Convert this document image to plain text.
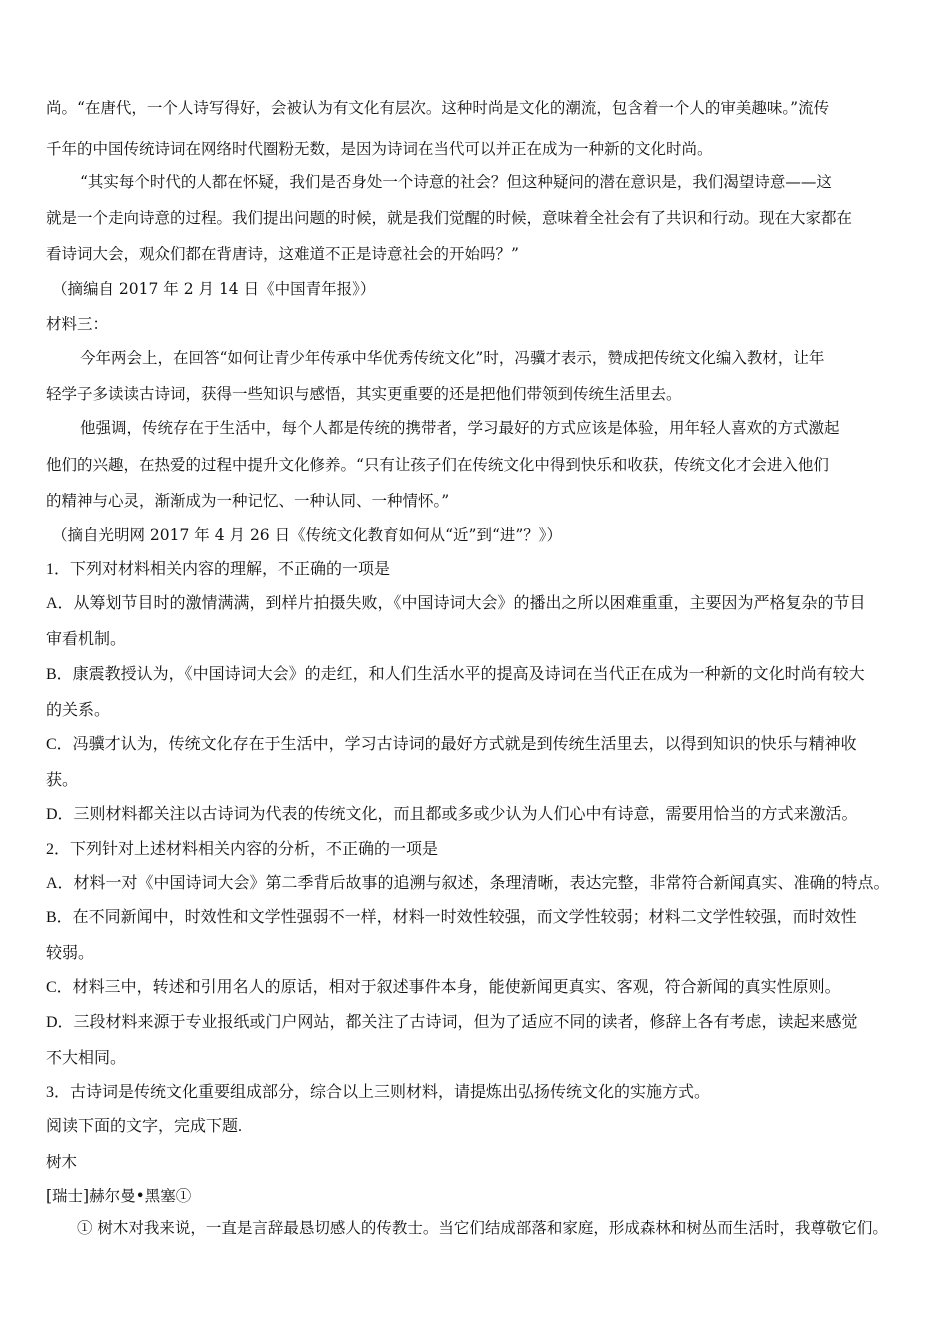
尚。“在唐代，一个人诗写得好，会被认为有文化有层次。这种时尚是文化的潮流，包含着一个人的审美趣味。”流传
千年的中国传统诗词在网络时代圈粉无数，是因为诗词在当代可以并正在成为一种新的文化时尚。
“其实每个时代的人都在怀疑，我们是否身处一个诗意的社会？但这种疑问的潜在意识是，我们渴望诗意——这
就是一个走向诗意的过程。我们提出问题的时候，就是我们觉醒的时候，意味着全社会有了共识和行动。现在大家都在
看诗词大会，观众们都在背唐诗，这难道不正是诗意社会的开始吗？”
（摘编自 2017 年 2 月 14 日《中国青年报》）
材料三：
今年两会上，在回答“如何让青少年传承中华优秀传统文化”时，冯骥才表示，赞成把传统文化编入教材，让年
轻学子多读读古诗词，获得一些知识与感悟，其实更重要的还是把他们带领到传统生活里去。
他强调，传统存在于生活中，每个人都是传统的携带者，学习最好的方式应该是体验，用年轻人喜欢的方式激起
他们的兴趣，在热爱的过程中提升文化修养。“只有让孩子们在传统文化中得到快乐和收获，传统文化才会进入他们
的精神与心灵，渐渐成为一种记忆、一种认同、一种情怀。”
（摘自光明网 2017 年 4 月 26 日《传统文化教育如何从“近”到“进”？》）
1．下列对材料相关内容的理解，不正确的一项是
A．从筹划节目时的激情满满，到样片拍摄失败，《中国诗词大会》的播出之所以困难重重，主要因为严格复杂的节目
审看机制。
B．康震教授认为，《中国诗词大会》的走红，和人们生活水平的提高及诗词在当代正在成为一种新的文化时尚有较大
的关系。
C．冯骥才认为，传统文化存在于生活中，学习古诗词的最好方式就是到传统生活里去，以得到知识的快乐与精神收
获。
D．三则材料都关注以古诗词为代表的传统文化，而且都或多或少认为人们心中有诗意，需要用恰当的方式来激活。
2．下列针对上述材料相关内容的分析，不正确的一项是
A．材料一对《中国诗词大会》第二季背后故事的追溯与叙述，条理清晰，表达完整，非常符合新闻真实、准确的特点。
B．在不同新闻中，时效性和文学性强弱不一样，材料一时效性较强，而文学性较弱；材料二文学性较强，而时效性
较弱。
C．材料三中，转述和引用名人的原话，相对于叙述事件本身，能使新闻更真实、客观，符合新闻的真实性原则。
D．三段材料来源于专业报纸或门户网站，都关注了古诗词，但为了适应不同的读者，修辞上各有考虑，读起来感觉
不大相同。
3．古诗词是传统文化重要组成部分，综合以上三则材料，请提炼出弘扬传统文化的实施方式。
阅读下面的文字，完成下题.
树木
[瑞士]赫尔曼•黑塞①
① 树木对我来说，一直是言辞最恳切感人的传教士。当它们结成部落和家庭，形成森林和树丛而生活时，我尊敬它们。
